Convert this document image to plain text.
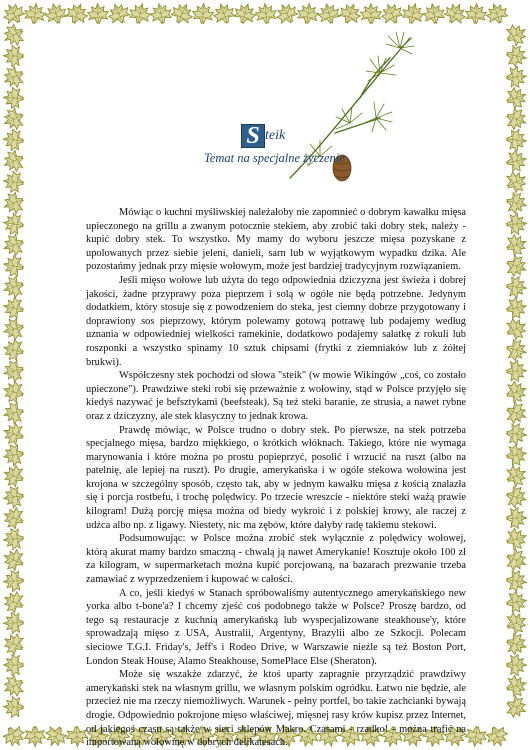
S teik
Temat na specjalne życzenie

Mówiąc o kuchni myśliwskiej należałoby nie zapomnieć o dobrym kawałku mięsa upieczonego na grillu a zwanym potocznie stekiem, aby zrobić taki dobry stek, należy - kupić dobry stek. To wszystko. My mamy do wyboru jeszcze mięsa pozyskane z upolowanych przez siebie jeleni, danieli, sarn lub w wyjątkowym wypadku dzika. Ale pozostańmy jednak przy mięsie wołowym, może jest bardziej tradycyjnym rozwiązaniem.

Jeśli mięso wołowe lub użyta do tego odpowiednia dziczyzna jest świeża i dobrej jakości, żadne przyprawy poza pieprzem i solą w ogóle nie będą potrzebne. Jedynym dodatkiem, który stosuje się z powodzeniem do steka, jest ciemny dobrze przygotowany i doprawiony sos pieprzowy, którym polewamy gotową potrawę lub podajemy według uznania w odpowiedniej wielkości ramekinie, dodatkowo podajemy sałatkę z rokuli lub roszponki a wszystko spinamy 10 sztuk chipsami (frytki z ziemniaków lub z żółtej brukwi).

Współczesny stek pochodzi od słowa "steik" (w mowie Wikingów „coś, co zostało upieczone"). Prawdziwe steki robi się przeważnie z wołowiny, stąd w Polsce przyjęło się kiedyś nazywać je befsztykami (beefsteak). Są też steki baranie, ze strusia, a nawet rybne oraz z dziczyzny, ale stek klasyczny to jednak krowa.

Prawdę mówiąc, w Polsce trudno o dobry stek. Po pierwsze, na stek potrzeba specjalnego mięsa, bardzo miękkiego, o krótkich włóknach. Takiego, które nie wymaga marynowania i które można po prostu popieprzyć, posolić i wrzucić na ruszt (albo na patelnię, ale lepiej na ruszt). Po drugie, amerykańska i w ogóle stekowa wołowina jest krojona w szczególny sposób, często tak, aby w jednym kawałku mięsa z kością znalazła się i porcja rostbefu, i trochę polędwicy. Po trzecie wreszcie - niektóre steki ważą prawie kilogram! Dużą porcję mięsa można od biedy wykroić i z polskiej krowy, ale raczej z udźca albo np. z ligawy. Niestety, nic ma zębów, które dałyby radę takiemu stekowi.

Podsumowując: w Polsce można zrobić stek wyłącznie z polędwicy wołowej, którą akurat mamy bardzo smaczną - chwalą ją nawet Amerykanie! Kosztuje około 100 zł za kilogram, w supermarketach można kupić porcjowaną, na bazarach prezwanie trzeba zamawiać z wyprzedzeniem i kupować w całości.

A co, jeśli kiedyś w Stanach spróbowaliśmy autentycznego amerykańskiego new yorka albo t-bone'a? I chcemy zjeść coś podobnego także w Polsce? Proszę bardzo, od tego są restauracje z kuchnią amerykańską lub wyspecjalizowane steakhouse'y, które sprowadzają mięso z USA, Australii, Argentyny, Brazylii albo ze Szkocji. Polecam sieciowe T.G.I. Friday's, Jeff's i Rodeo Drive, w Warszawie nieźle są też Boston Port, London Steak House, Alamo Steakhouse, SomePlace Else (Sheraton).

Może się wszakże zdarzyć, że ktoś uparty zapragnie przyrządzić prawdziwy amerykański stek na własnym grillu, we własnym polskim ogródku. Łatwo nie będzie, ale przecież nie ma rzeczy niemożliwych. Warunek - pełny portfel, bo takie zachcianki bywają drogie. Odpowiednio pokrojone mięso właściwej, mięsnej rasy krów kupisz przez Internet, od jakiegoś czasu są także w sieci sklepów Makro. Czasami - rzadko! - można trafić na importowaną wołowinę w dobrych delikatesach.
